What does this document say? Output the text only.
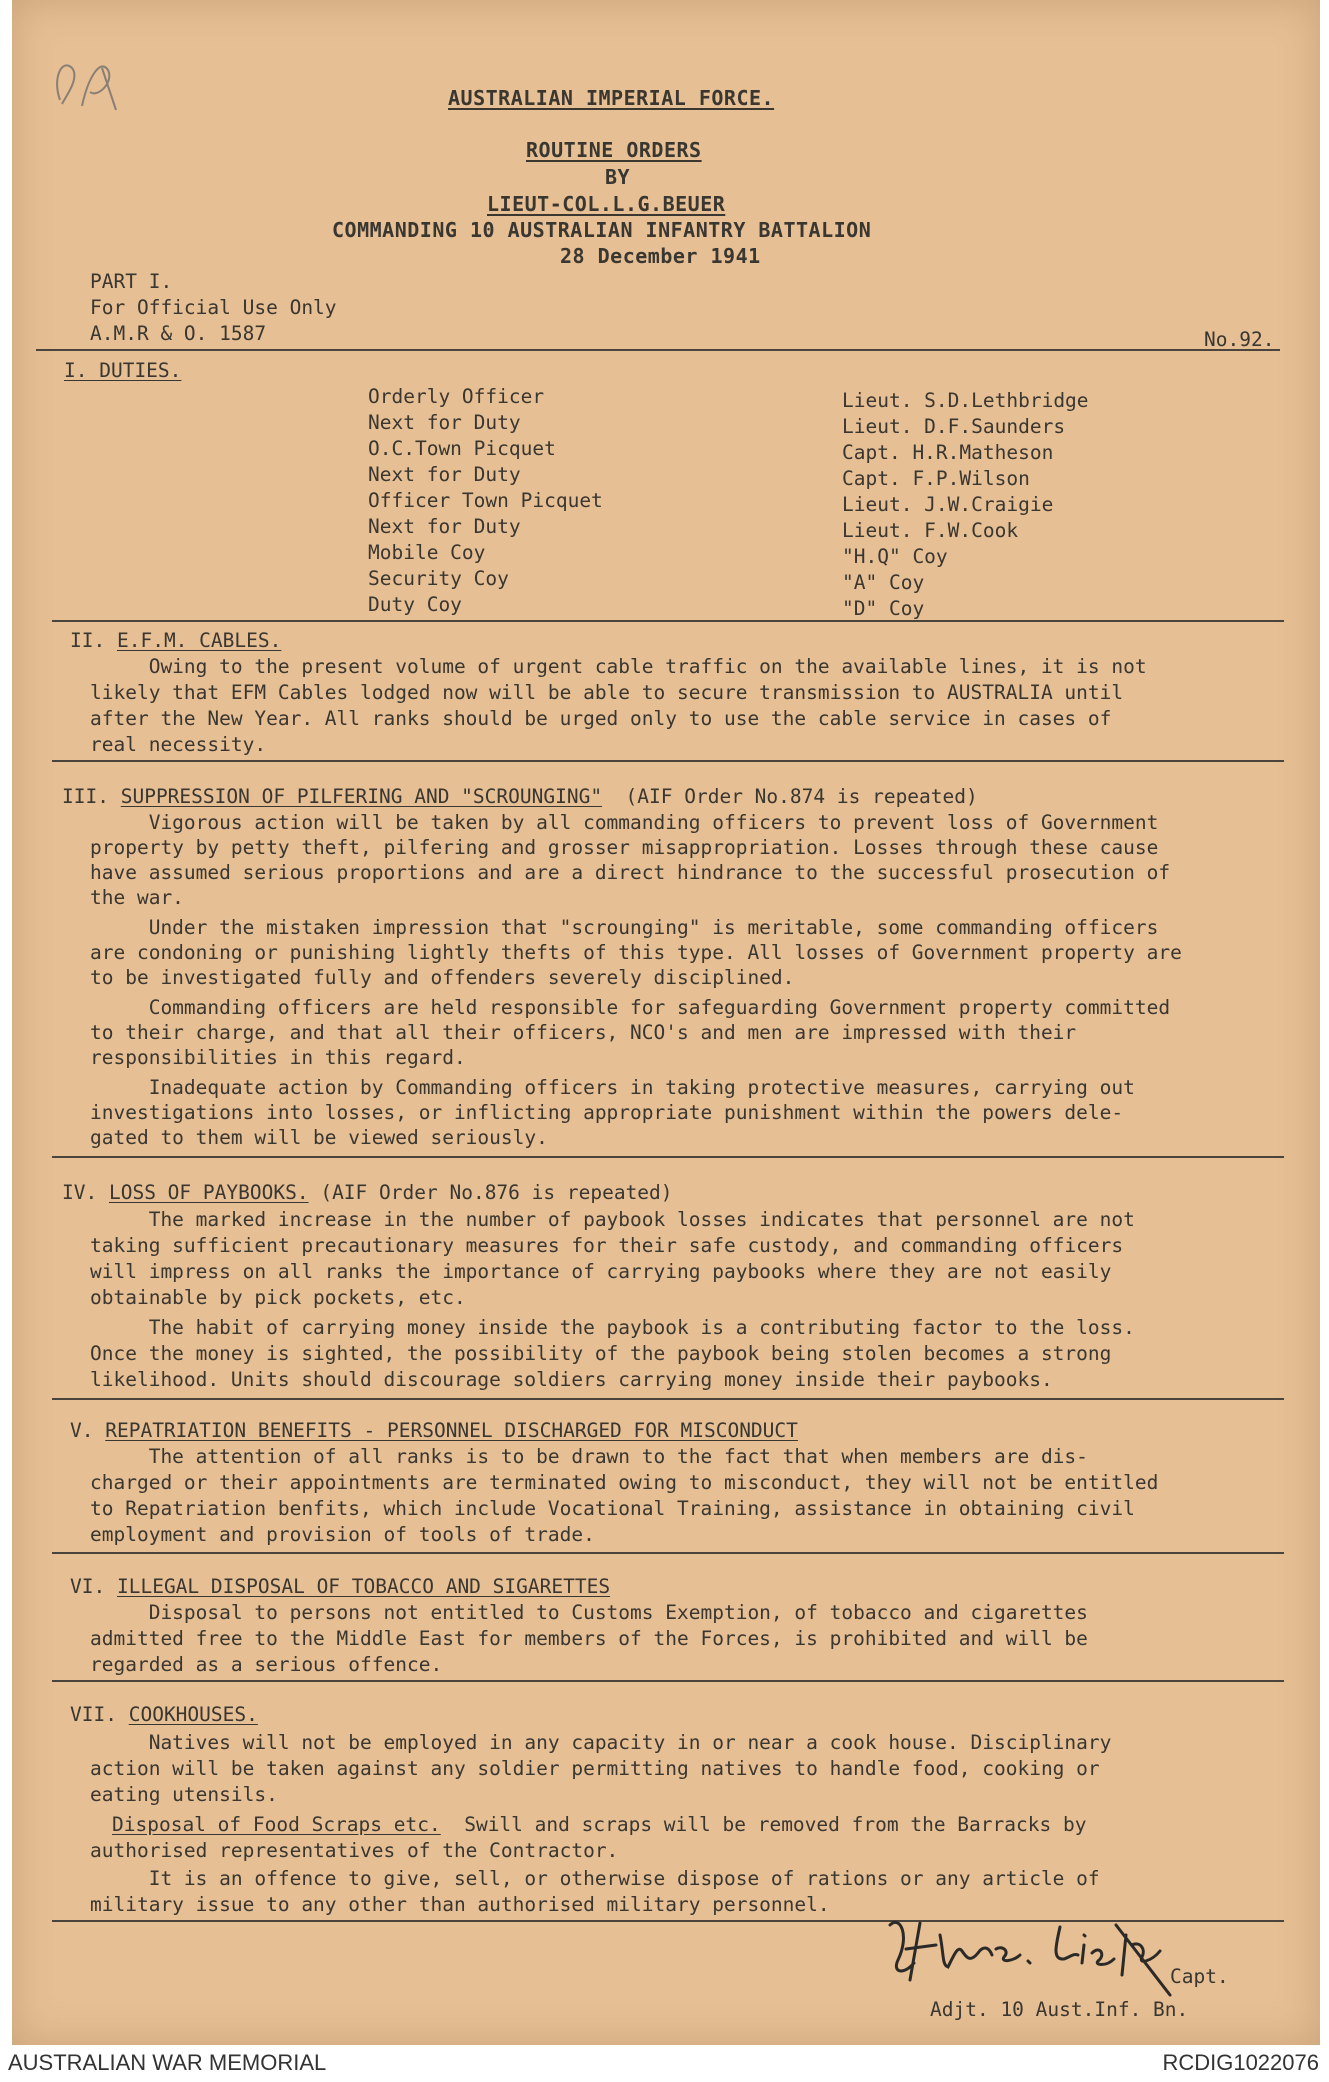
AUSTRALIAN IMPERIAL FORCE.
ROUTINE ORDERS
BY
LIEUT-COL.L.G.BEUER
COMMANDING 10 AUSTRALIAN INFANTRY BATTALION
28 December 1941
PART I.
For Official Use Only
A.M.R & O. 1587	No.92.
I. DUTIES.
Orderly Officer	Lieut. S.D.Lethbridge
Next for Duty	Lieut. D.F.Saunders
O.C.Town Picquet	Capt. H.R.Matheson
Next for Duty	Capt. F.P.Wilson
Officer Town Picquet	Lieut. J.W.Craigie
Next for Duty	Lieut. F.W.Cook
Mobile Coy	"H.Q" Coy
Security Coy	"A" Coy
Duty Coy	"D" Coy
II. E.F.M. CABLES.
Owing to the present volume of urgent cable traffic on the available lines, it is not
likely that EFM Cables lodged now will be able to secure transmission to AUSTRALIA until
after the New Year. All ranks should be urged only to use the cable service in cases of
real necessity.
III. SUPPRESSION OF PILFERING AND "SCROUNGING" (AIF Order No.874 is repeated)
Vigorous action will be taken by all commanding officers to prevent loss of Government
property by petty theft, pilfering and grosser misappropriation. Losses through these cause
have assumed serious proportions and are a direct hindrance to the successful prosecution of
the war.
Under the mistaken impression that "scrounging" is meritable, some commanding officers
are condoning or punishing lightly thefts of this type. All losses of Government property are
to be investigated fully and offenders severely disciplined.
Commanding officers are held responsible for safeguarding Government property committed
to their charge, and that all their officers, NCO's and men are impressed with their
responsibilities in this regard.
Inadequate action by Commanding officers in taking protective measures, carrying out
investigations into losses, or inflicting appropriate punishment within the powers dele-
gated to them will be viewed seriously.
IV. LOSS OF PAYBOOKS. (AIF Order No.876 is repeated)
The marked increase in the number of paybook losses indicates that personnel are not
taking sufficient precautionary measures for their safe custody, and commanding officers
will impress on all ranks the importance of carrying paybooks where they are not easily
obtainable by pick pockets, etc.
The habit of carrying money inside the paybook is a contributing factor to the loss.
Once the money is sighted, the possibility of the paybook being stolen becomes a strong
likelihood. Units should discourage soldiers carrying money inside their paybooks.
V. REPATRIATION BENEFITS - PERSONNEL DISCHARGED FOR MISCONDUCT
The attention of all ranks is to be drawn to the fact that when members are dis-
charged or their appointments are terminated owing to misconduct, they will not be entitled
to Repatriation benfits, which include Vocational Training, assistance in obtaining civil
employment and provision of tools of trade.
VI. ILLEGAL DISPOSAL OF TOBACCO AND SIGARETTES
Disposal to persons not entitled to Customs Exemption, of tobacco and cigarettes
admitted free to the Middle East for members of the Forces, is prohibited and will be
regarded as a serious offence.
VII. COOKHOUSES.
Natives will not be employed in any capacity in or near a cook house. Disciplinary
action will be taken against any soldier permitting natives to handle food, cooking or
eating utensils.
Disposal of Food Scraps etc.  Swill and scraps will be removed from the Barracks by
authorised representatives of the Contractor.
It is an offence to give, sell, or otherwise dispose of rations or any article of
military issue to any other than authorised military personnel.
Capt.
Adjt. 10 Aust.Inf. Bn.
AUSTRALIAN WAR MEMORIAL	RCDIG1022076
